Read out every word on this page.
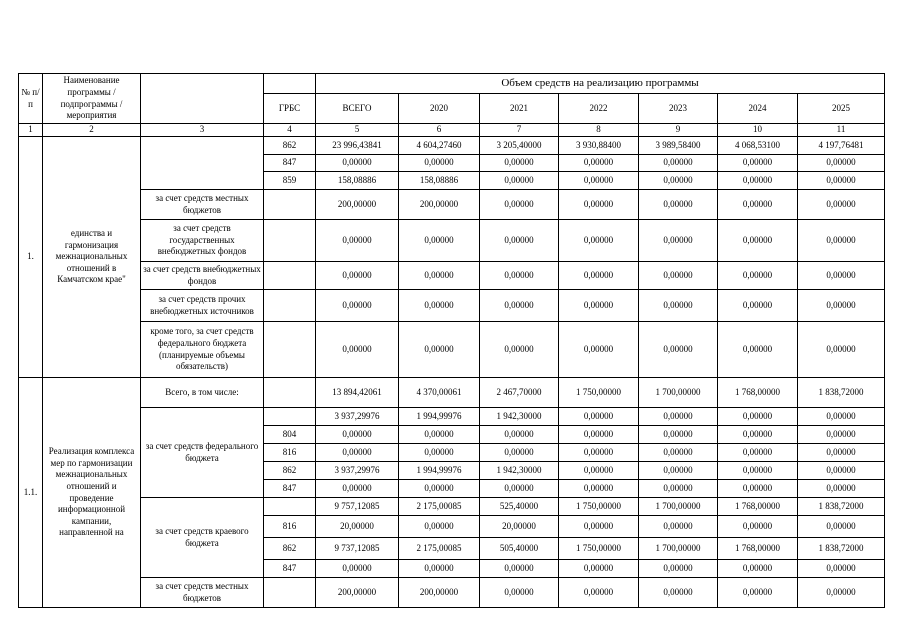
№ п/п	Наименование программы / подпрограммы / мероприятия			Объем средств на реализацию программы						
			ГРБС	ВСЕГО	2020	2021	2022	2023	2024	2025
1	2	3	4	5	6	7	8	9	10	11
1.	единства и гармонизация межнациональных отношений в Камчатском крае"		862	23 996,43841	4 604,27460	3 205,40000	3 930,88400	3 989,58400	4 068,53100	4 197,76481
			847	0,00000	0,00000	0,00000	0,00000	0,00000	0,00000	0,00000
			859	158,08886	158,08886	0,00000	0,00000	0,00000	0,00000	0,00000
		за счет средств местных бюджетов		200,00000	200,00000	0,00000	0,00000	0,00000	0,00000	0,00000
		за счет средств государственных внебюджетных фондов		0,00000	0,00000	0,00000	0,00000	0,00000	0,00000	0,00000
		за счет средств внебюджетных фондов		0,00000	0,00000	0,00000	0,00000	0,00000	0,00000	0,00000
		за счет средств прочих внебюджетных источников		0,00000	0,00000	0,00000	0,00000	0,00000	0,00000	0,00000
		кроме того, за счет средств федерального бюджета (планируемые объемы обязательств)		0,00000	0,00000	0,00000	0,00000	0,00000	0,00000	0,00000
1.1.	Реализация комплекса мер по гармонизации межнациональных отношений и проведение информационной кампании, направленной на	Всего, в том числе:		13 894,42061	4 370,00061	2 467,70000	1 750,00000	1 700,00000	1 768,00000	1 838,72000
		за счет средств федерального бюджета		3 937,29976	1 994,99976	1 942,30000	0,00000	0,00000	0,00000	0,00000
			804	0,00000	0,00000	0,00000	0,00000	0,00000	0,00000	0,00000
			816	0,00000	0,00000	0,00000	0,00000	0,00000	0,00000	0,00000
			862	3 937,29976	1 994,99976	1 942,30000	0,00000	0,00000	0,00000	0,00000
			847	0,00000	0,00000	0,00000	0,00000	0,00000	0,00000	0,00000
		за счет средств краевого бюджета		9 757,12085	2 175,00085	525,40000	1 750,00000	1 700,00000	1 768,00000	1 838,72000
			816	20,00000	0,00000	20,00000	0,00000	0,00000	0,00000	0,00000
			862	9 737,12085	2 175,00085	505,40000	1 750,00000	1 700,00000	1 768,00000	1 838,72000
			847	0,00000	0,00000	0,00000	0,00000	0,00000	0,00000	0,00000
		за счет средств местных бюджетов		200,00000	200,00000	0,00000	0,00000	0,00000	0,00000	0,00000
